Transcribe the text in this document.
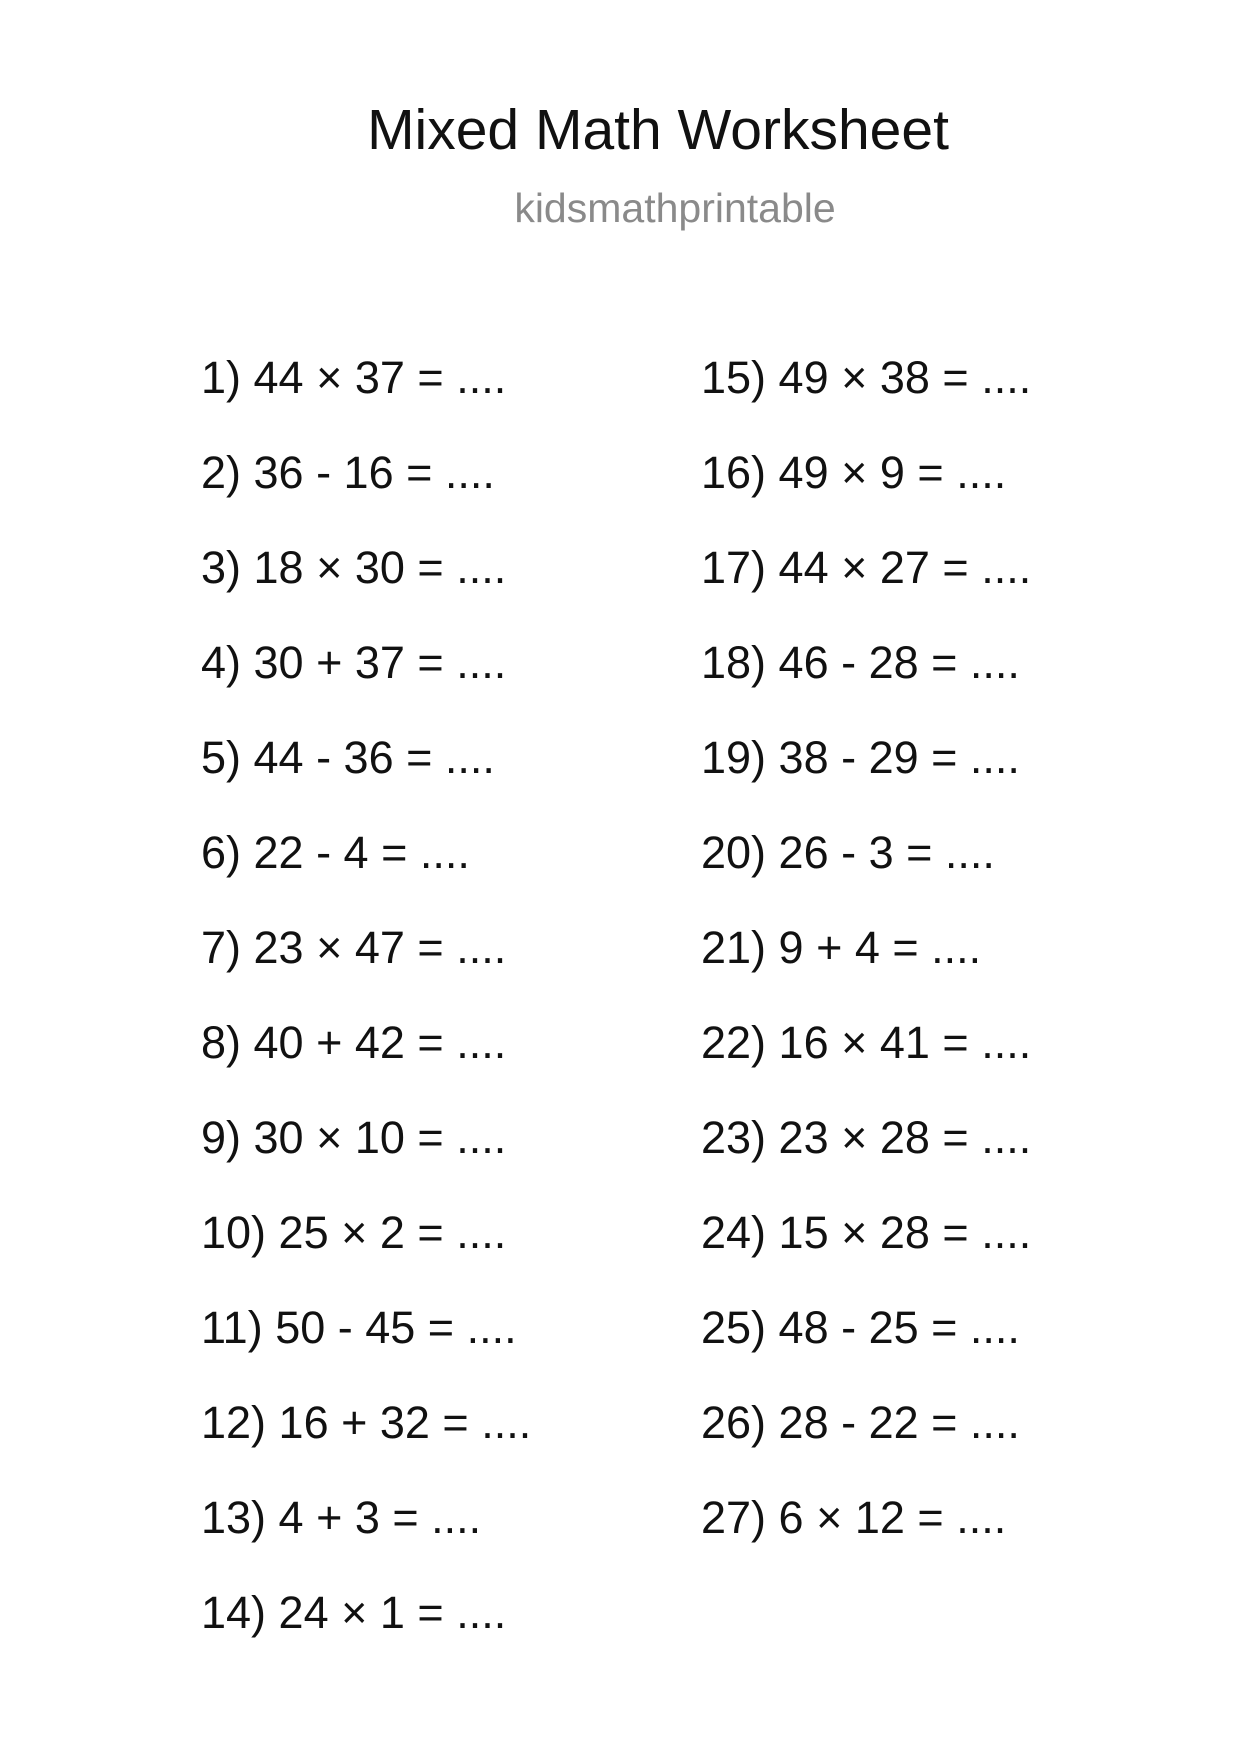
Mixed Math Worksheet
kidsmathprintable
1) 44 × 37 = ....
2) 36 - 16 = ....
3) 18 × 30 = ....
4) 30 + 37 = ....
5) 44 - 36 = ....
6) 22 - 4 = ....
7) 23 × 47 = ....
8) 40 + 42 = ....
9) 30 × 10 = ....
10) 25 × 2 = ....
11) 50 - 45 = ....
12) 16 + 32 = ....
13) 4 + 3 = ....
14) 24 × 1 = ....
15) 49 × 38 = ....
16) 49 × 9 = ....
17) 44 × 27 = ....
18) 46 - 28 = ....
19) 38 - 29 = ....
20) 26 - 3 = ....
21) 9 + 4 = ....
22) 16 × 41 = ....
23) 23 × 28 = ....
24) 15 × 28 = ....
25) 48 - 25 = ....
26) 28 - 22 = ....
27) 6 × 12 = ....
